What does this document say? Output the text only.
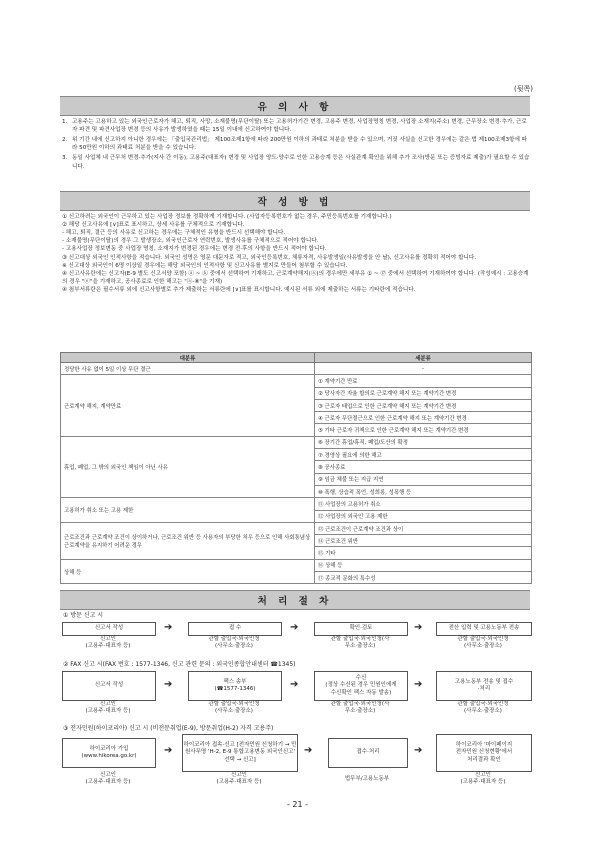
(뒷쪽)
유 의 사 항
1. 고용주는 고용하고 있는 외국인근로자가 해고, 퇴직, 사망, 소재불명(무단이탈) 또는 고용허가기간 변경, 고용주 변경, 사업장명칭 변경, 사업장 소재지(주소) 변경, 근무장소 변경·추가, 근로자 파견 및 파견사업장 변경 등의 사유가 발생하였을 때는 15일 이내에 신고하여야 합니다.
2. 위 기간 내에 신고하지 아니한 경우에는 「출입국관리법」 제100조제1항에 따라 200만원 이하의 과태료 처분을 받을 수 있으며, 거짓 사실을 신고한 경우에는 같은 법 제100조제3항에 따라 50만원 이하의 과태료 처분을 받을 수 있습니다.
3. 동일 사업체 내 근무처 변경·추가(지사 간 이동), 고용주(대표자) 변경 및 사업장 양도·양수로 인한 고용승계 등은 사실관계 확인을 위해 추가 조사(방문 또는 증빙자료 제출)가 필요할 수 있습니다.
작 성 방 법
① 신고하려는 외국인이 근무하고 있는 사업장 정보를 정확하게 기재합니다. (사업자등록번호가 없는 경우, 주민등록번호를 기재합니다.)
② 해당 신고사유에 [∨]표로 표시하고, 상세 사유를 구체적으로 기재합니다.
- 해고, 퇴직, 결근 등의 사유로 신고하는 경우에는 구체적인 유형을 반드시 선택해야 합니다.
- 소재불명(무단이탈)의 경우 그 발생장소, 외국인근로자 연락번호, 발생사유를 구체적으로 적어야 합니다.
- 고용사업장 정보변동 중 사업장 명칭, 소재지가 변경된 경우에는 변경 전·후의 사항을 반드시 적어야 합니다.
③ 신고대상 외국인 인적사항을 적습니다. 외국인 성명은 영문 대문자로 적고, 외국인등록번호, 체류자격, 사유발생일(사유발생을 안 날), 신고사유를 정확히 적어야 합니다.
※ 신고대상 외국인이 6명 이상일 경우에는 해당 외국인의 인적사항 및 신고사유를 별지로 만들어 첨부할 수 있습니다.
④ 신고사유란에는 신고자(E-9 별도 신고서양 포함) ⓐ ~ ⓚ 중에서 선택하여 기재하고, 근로계약해지(ⓐ)의 경우에만 세부유 ① ~ ⑰ 중에서 선택하여 기재하여야 합니다. (작성예시 : 고용승계의 경우 "ⓔ"을 기재하고, 공사종료로 인한 해고는 "ⓐ-⑧"을 기재)
④ 첨부서류란은 필수서류 외에 신고사항별로 추가 제출하는 서류란에 [∨]표를 표시합니다. 예시된 서류 외에 제출하는 서류는 기타란에 적습니다.
대분류	세분류
정당한 사유 없이 5일 이상 무단 결근	-
근로계약 해지, 계약만료	① 계약기간 만료
	② 당사자간 자율 합의로 근로계약 해지 또는 계약기간 변경
	③ 근로자 태업으로 인한 근로계약 해지 또는 계약기간 변경
	④ 근로자 무단결근으로 인한 근로계약 해지 또는 계약기간 변경
	⑤ 기타 근로자 귀책으로 인한 근로계약 해지 또는 계약기간 변경
휴업, 폐업, 그 밖의 외국인 책임이 아닌 사유	⑥ 장기간 휴업/휴직, 폐업/도산의 확정
	⑦ 경영상 필요에 의한 해고
	⑧ 공사종료
	⑨ 임금 체불 또는 지급 지연
	⑩ 폭행, 상습적 폭언, 성희롱, 성폭행 등
고용허가 취소 또는 고용 제한	⑪ 사업장의 고용허가 취소
	⑫ 사업장의 외국인 고용 제한
근로조건과 근로계약 조건이 상이하거나, 근로조건 위반 등 사용자의 부당한 처우 등으로 인해 사회통념상 근로계약을 유지하기 어려운 경우	⑬ 근로조건이 근로계약 조건과 상이
	⑭ 근로조건 위반
	⑮ 기타
상해 등	⑯ 상해 등
	⑰ 종교적 문화의 특수성
처 리 절 차
① 방문 신고 시
신고서 작성	➔	접 수	➔	확인·검토	➔	전산 입력 및 고용노동부 전송
신고인
(고용주·대표자 등)
관할 출입국·외국인청
(사무소·출장소)
관할 출입국·외국인청(사
무소·출장소)
관할 출입국·외국인청
(사무소·출장소)
② FAX 신고 시(FAX 번호 : 1577-1346, 신고 관련 문의 : 외국인종합안내센터 ☎1345)
신고서 작성	➔	팩스 송부
(☎1577-1346)	➔
수신
(정상 수신된 경우 민원인에게
수신확인 팩스 자동 발송)
➔	고용노동부 전송 및 접수
·처리
신고인
(고용주·대표자 등)
관할 출입국·외국인청
(사무소·출장소)
관할 출입국·외국인청(사
무소·출장소)
관할 출입국·외국인청
(사무소·출장소)
③ 전자민원(하이코리아) 신고 시 (비전문취업(E-9), 방문취업(H-2) 자격 고용주)
하이코리아 가입
(www.hikorea.go.kr)	➔ 하이코리아 접속·신고 [전자민원 신청하기 → 민원사무명 'H-2, E-9 통합고용변동 외국인신고' 선택 → 신고]
➔	접수·처리	➔	하이코리아 '마이페이지
전자민원 신청현황'에서
처리결과 확인
신고인
(고용주·대표자 등)
신고인
(고용주·대표자 등)
법무부/고용노동부
신고인
(고용주·대표자 등)
- 21 -
